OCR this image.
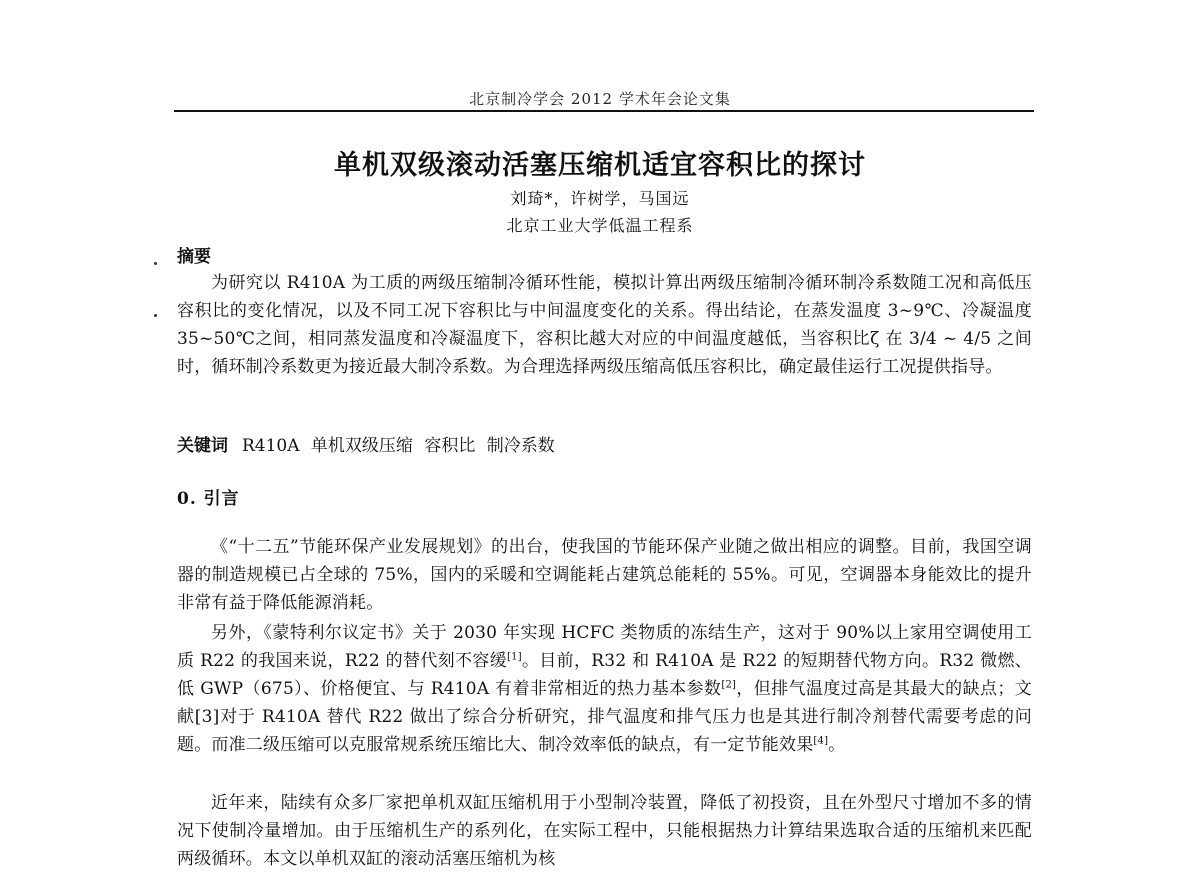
北京制冷学会 2012 学术年会论文集
单机双级滚动活塞压缩机适宜容积比的探讨
刘琦*，许树学，马国远
北京工业大学低温工程系
摘要
为研究以 R410A 为工质的两级压缩制冷循环性能，模拟计算出两级压缩制冷循环制冷系数随工况和高低压容积比的变化情况，以及不同工况下容积比与中间温度变化的关系。得出结论，在蒸发温度 3~9℃、冷凝温度 35~50℃之间，相同蒸发温度和冷凝温度下，容积比越大对应的中间温度越低，当容积比ζ 在 3/4 ~ 4/5 之间时，循环制冷系数更为接近最大制冷系数。为合理选择两级压缩高低压容积比，确定最佳运行工况提供指导。
关键词 R410A 单机双级压缩 容积比 制冷系数
0. 引言
《“十二五”节能环保产业发展规划》的出台，使我国的节能环保产业随之做出相应的调整。目前，我国空调器的制造规模已占全球的 75%，国内的采暖和空调能耗占建筑总能耗的 55%。可见，空调器本身能效比的提升非常有益于降低能源消耗。
另外，《蒙特利尔议定书》关于 2030 年实现 HCFC 类物质的冻结生产，这对于 90%以上家用空调使用工质 R22 的我国来说，R22 的替代刻不容缓[1]。目前，R32 和 R410A 是 R22 的短期替代物方向。R32 微燃、低 GWP（675）、价格便宜、与 R410A 有着非常相近的热力基本参数[2]，但排气温度过高是其最大的缺点；文献[3]对于 R410A 替代 R22 做出了综合分析研究，排气温度和排气压力也是其进行制冷剂替代需要考虑的问题。而准二级压缩可以克服常规系统压缩比大、制冷效率低的缺点，有一定节能效果[4]。
近年来，陆续有众多厂家把单机双缸压缩机用于小型制冷装置，降低了初投资，且在外型尺寸增加不多的情况下使制冷量增加。由于压缩机生产的系列化，在实际工程中，只能根据热力计算结果选取合适的压缩机来匹配两级循环。本文以单机双缸的滚动活塞压缩机为核
